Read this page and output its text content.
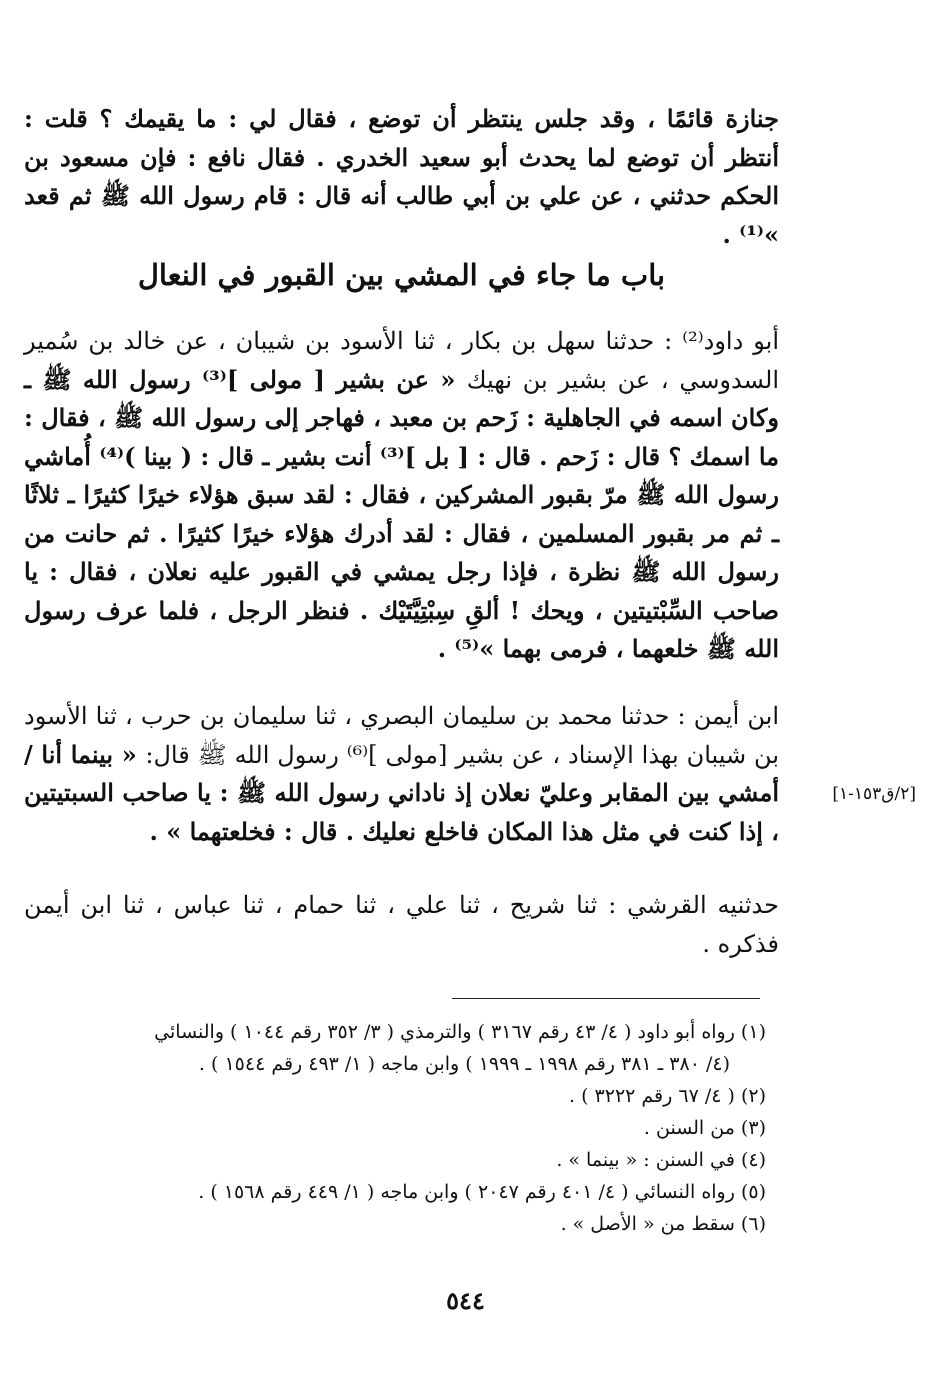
جنازة قائمًا ، وقد جلس ينتظر أن توضع ، فقال لي : ما يقيمك ؟ قلت : أنتظر أن توضع لما يحدث أبو سعيد الخدري . فقال نافع : فإن مسعود بن الحكم حدثني ، عن علي بن أبي طالب أنه قال : قام رسول الله ﷺ ثم قعد »⁽¹⁾ .

باب ما جاء في المشي بين القبور في النعال

أبو داود⁽²⁾ : حدثنا سهل بن بكار ، ثنا الأسود بن شيبان ، عن خالد بن سُمير السدوسي ، عن بشير بن نهيك « عن بشير [ مولى ]⁽³⁾ رسول الله ﷺ ـ وكان اسمه في الجاهلية : زَحم بن معبد ، فهاجر إلى رسول الله ﷺ ، فقال : ما اسمك ؟ قال : زَحم . قال : [ بل ]⁽³⁾ أنت بشير ـ قال : ( بينا )⁽⁴⁾ أُماشي رسول الله ﷺ مرّ بقبور المشركين ، فقال : لقد سبق هؤلاء خيرًا كثيرًا ـ ثلاثًا ـ ثم مر بقبور المسلمين ، فقال : لقد أدرك هؤلاء خيرًا كثيرًا . ثم حانت من رسول الله ﷺ نظرة ، فإذا رجل يمشي في القبور عليه نعلان ، فقال : يا صاحب السِّبْتيتين ، ويحك ! ألقِ سِبْتِيَّتَيْك . فنظر الرجل ، فلما عرف رسول الله ﷺ خلعهما ، فرمى بهما »⁽⁵⁾ .

ابن أيمن : حدثنا محمد بن سليمان البصري ، ثنا سليمان بن حرب ، ثنا الأسود بن شيبان بهذا الإسناد ، عن بشير [مولى ]⁽⁶⁾ رسول الله ﷺ قال: « بينما أنا / أمشي بين المقابر وعليّ نعلان إذ ناداني رسول الله ﷺ : يا صاحب السبتيتين ، إذا كنت في مثل هذا المكان فاخلع نعليك . قال : فخلعتهما » .

[٢/ق١٥٣-١]

حدثنيه القرشي : ثنا شريح ، ثنا علي ، ثنا حمام ، ثنا عباس ، ثنا ابن أيمن فذكره .

(١) رواه أبو داود ( ٤/ ٤٣ رقم ٣١٦٧ ) والترمذي ( ٣/ ٣٥٢ رقم ١٠٤٤ ) والنسائي

(٤/ ٣٨٠ ـ ٣٨١ رقم ١٩٩٨ ـ ١٩٩٩ ) وابن ماجه ( ١/ ٤٩٣ رقم ١٥٤٤ ) .

(٢) ( ٤/ ٦٧ رقم ٣٢٢٢ ) .

(٣) من السنن .

(٤) في السنن : « بينما » .

(٥) رواه النسائي ( ٤/ ٤٠١ رقم ٢٠٤٧ ) وابن ماجه ( ١/ ٤٤٩ رقم ١٥٦٨ ) .

(٦) سقط من « الأصل » .

٥٤٤
